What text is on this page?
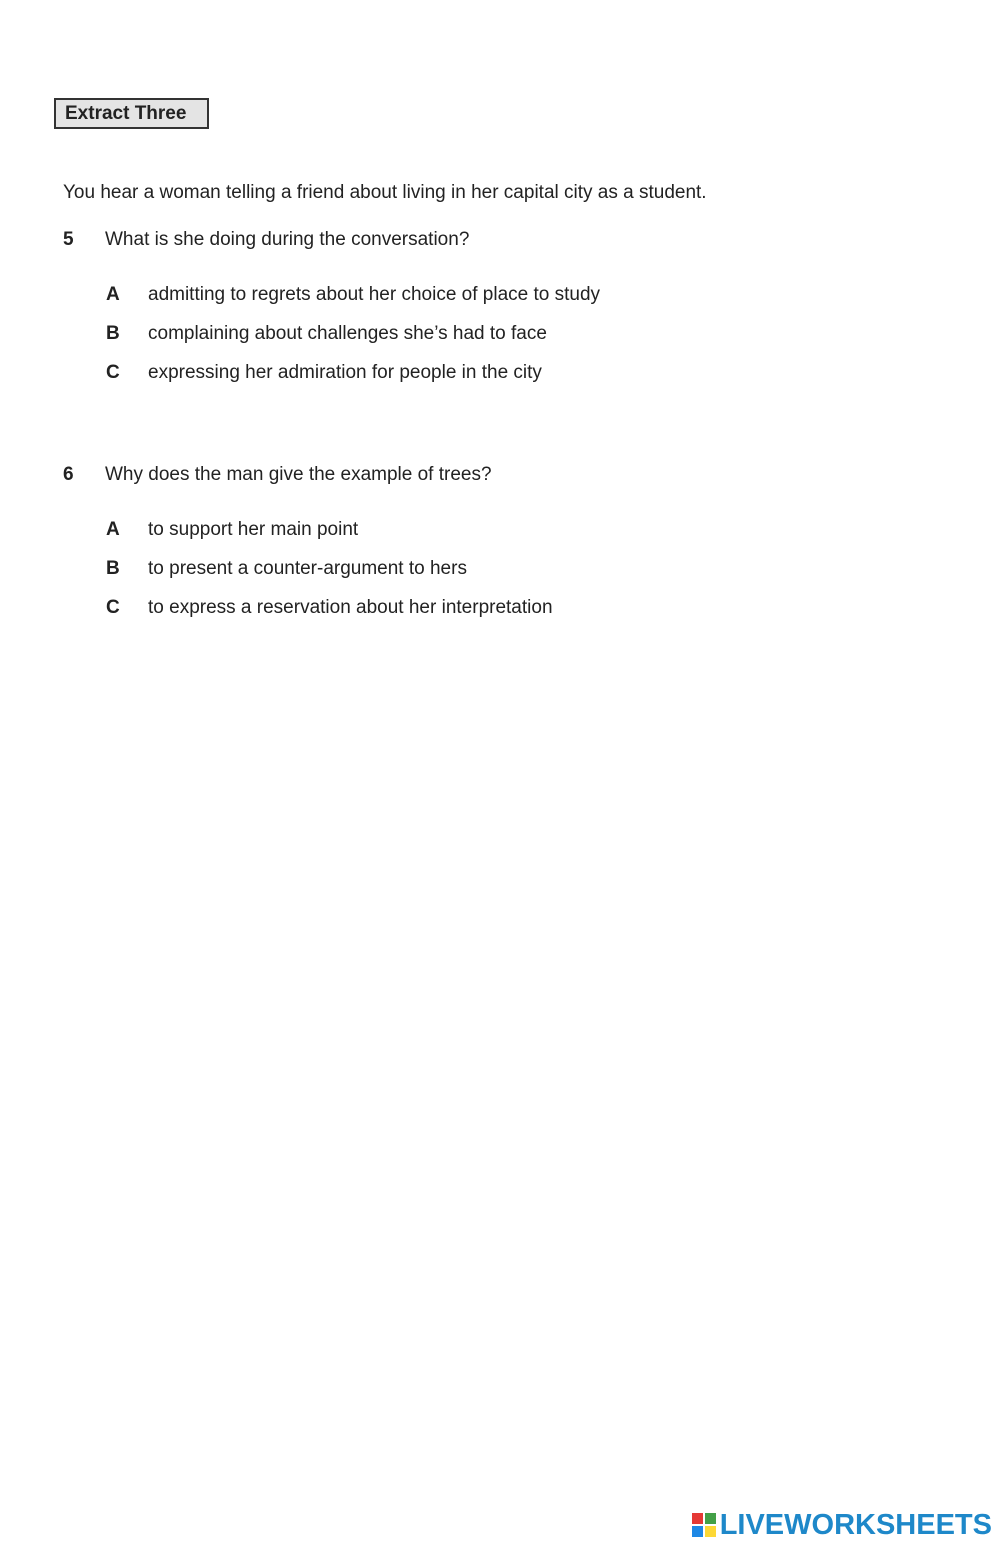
Extract Three
You hear a woman telling a friend about living in her capital city as a student.
5 What is she doing during the conversation?
A admitting to regrets about her choice of place to study
B complaining about challenges she’s had to face
C expressing her admiration for people in the city
6 Why does the man give the example of trees?
A to support her main point
B to present a counter-argument to hers
C to express a reservation about her interpretation
LIVEWORKSHEETS
